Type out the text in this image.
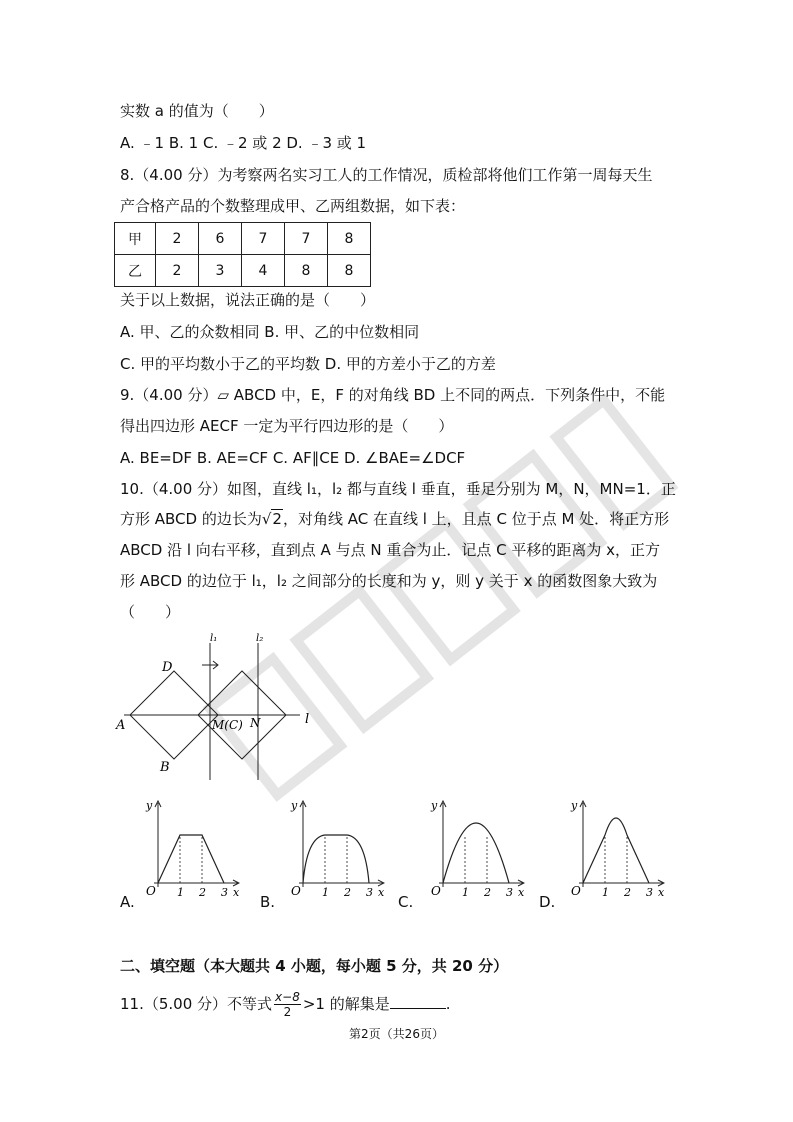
实数 a 的值为（　　）
A. ﹣1 B. 1 C. ﹣2 或 2 D. ﹣3 或 1
8.（4.00 分）为考察两名实习工人的工作情况，质检部将他们工作第一周每天生
产合格产品的个数整理成甲、乙两组数据，如下表：
甲	2	6	7	7	8
乙	2	3	4	8	8
关于以上数据，说法正确的是（　　）
A. 甲、乙的众数相同 B. 甲、乙的中位数相同
C. 甲的平均数小于乙的平均数 D. 甲的方差小于乙的方差
9.（4.00 分）▱ ABCD 中，E，F 的对角线 BD 上不同的两点．下列条件中，不能
得出四边形 AECF 一定为平行四边形的是（　　）
A. BE=DF B. AE=CF C. AF∥CE D. ∠BAE=∠DCF
10.（4.00 分）如图，直线 l₁，l₂ 都与直线 l 垂直，垂足分别为 M，N，MN=1．正
方形 ABCD 的边长为√2，对角线 AC 在直线 l 上，且点 C 位于点 M 处．将正方形
ABCD 沿 l 向右平移，直到点 A 与点 N 重合为止．记点 C 平移的距离为 x，正方
形 ABCD 的边位于 l₁，l₂ 之间部分的长度和为 y，则 y 关于 x 的函数图象大致为
（　　）
A
B
D
M(C) N	l
l₁	l₂
y
O 1 2 3 x
y
O 1 2 3 x
y
O 1 2 3 x
y
O 1 2 3 x
A.	B.	C.	D.
二、填空题（本大题共 4 小题，每小题 5 分，共 20 分）
11.（5.00 分）不等式 $\frac{x-8}{2} >1$ 的解集是	.
第2页（共26页）
